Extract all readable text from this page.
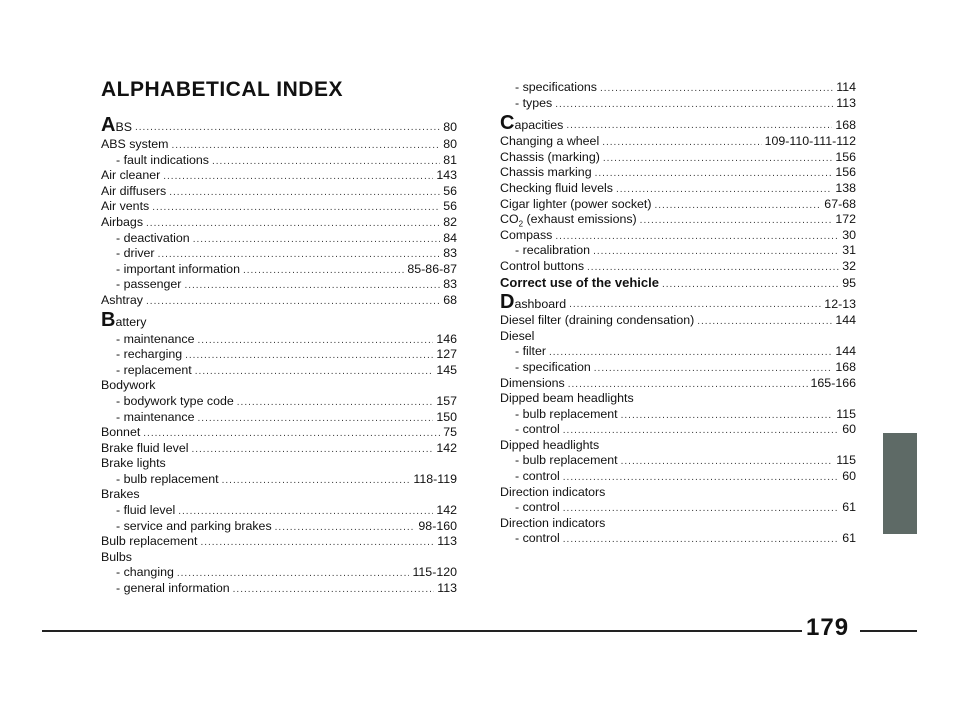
ALPHABETICAL INDEX
ABS .....	80
ABS system .....	80
- fault indications .....	81
Air cleaner .....	143
Air diffusers .....	56
Air vents .....	56
Airbags .....	82
- deactivation .....	84
- driver .....	83
- important information .....	85-86-87
- passenger .....	83
Ashtray .....	68
Battery
- maintenance .....	146
- recharging .....	127
- replacement .....	145
Bodywork
- bodywork type code .....	157
- maintenance .....	150
Bonnet .....	75
Brake fluid level .....	142
Brake lights
- bulb replacement .....	118-119
Brakes
- fluid level .....	142
- service and parking brakes .....	98-160
Bulb replacement .....	113
Bulbs
- changing .....	115-120
- general information .....	113
- specifications .....	114
- types .....	113
Capacities .....	168
Changing a wheel .....	109-110-111-112
Chassis (marking) .....	156
Chassis marking .....	156
Checking fluid levels .....	138
Cigar lighter (power socket) .....	67-68
$CO_2$ (exhaust emissions) .....	172
Compass .....	30
- recalibration .....	31
Control buttons .....	32
Correct use of the vehicle .....	95
Dashboard .....	12-13
Diesel filter (draining condensation) .....	144
Diesel
- filter .....	144
- specification .....	168
Dimensions .....	165-166
Dipped beam headlights
- bulb replacement .....	115
- control .....	60
Dipped headlights
- bulb replacement .....	115
- control .....	60
Direction indicators
- control .....	61
Direction indicators
- control .....	61
179
